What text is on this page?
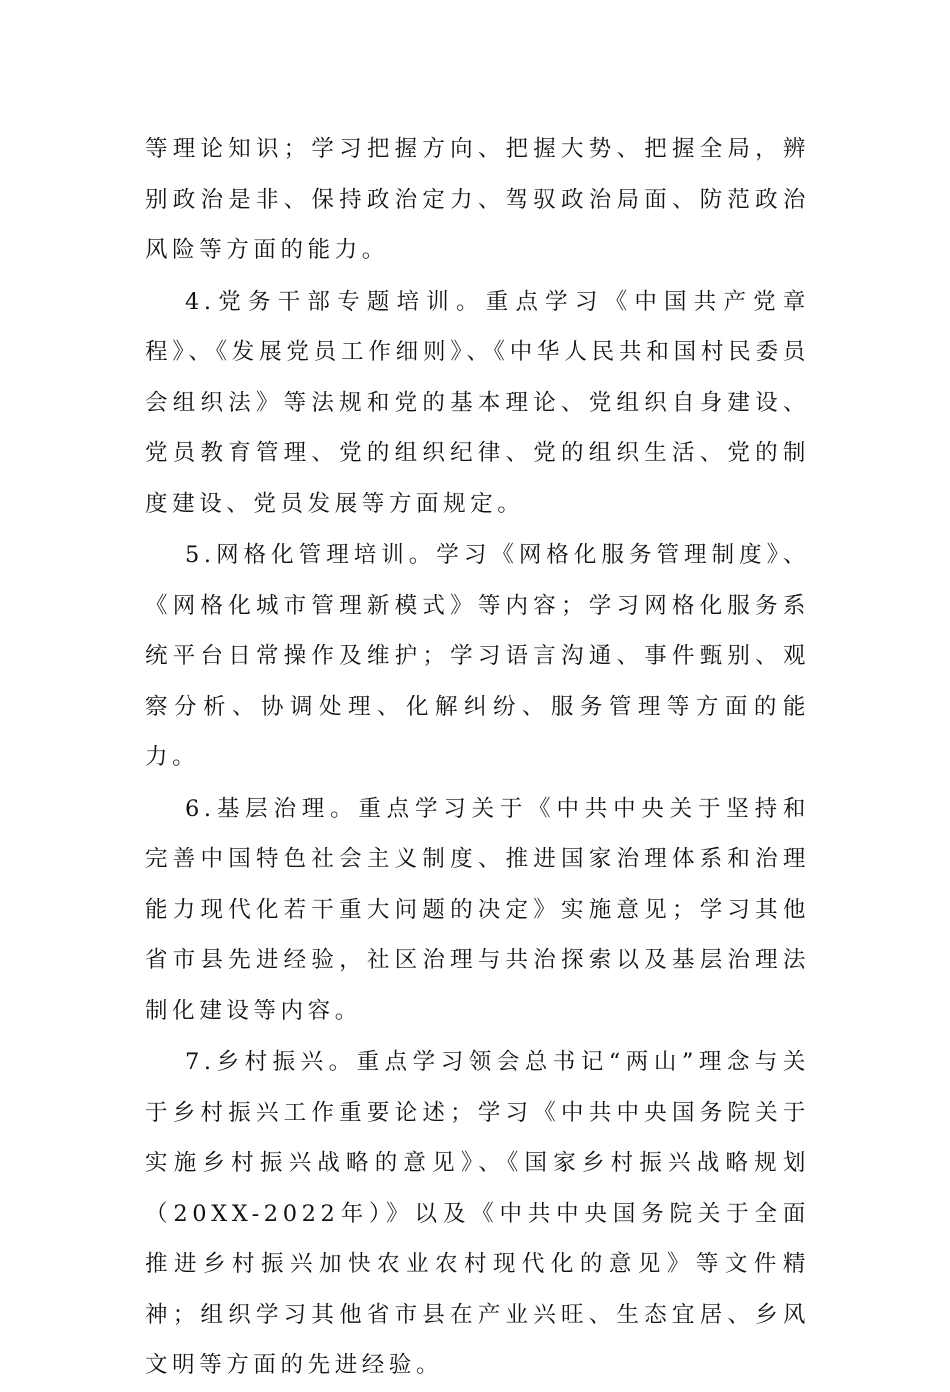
等理论知识；学习把握方向、把握大势、把握全局，辨别政治是非、保持政治定力、驾驭政治局面、防范政治风险等方面的能力。

4.党务干部专题培训。重点学习《中国共产党章程》、《发展党员工作细则》、《中华人民共和国村民委员会组织法》等法规和党的基本理论、党组织自身建设、党员教育管理、党的组织纪律、党的组织生活、党的制度建设、党员发展等方面规定。

5.网格化管理培训。学习《网格化服务管理制度》、《网格化城市管理新模式》等内容；学习网格化服务系统平台日常操作及维护；学习语言沟通、事件甄别、观察分析、协调处理、化解纠纷、服务管理等方面的能力。

6.基层治理。重点学习关于《中共中央关于坚持和完善中国特色社会主义制度、推进国家治理体系和治理能力现代化若干重大问题的决定》实施意见；学习其他省市县先进经验，社区治理与共治探索以及基层治理法制化建设等内容。

7.乡村振兴。重点学习领会总书记“两山”理念与关于乡村振兴工作重要论述；学习《中共中央国务院关于实施乡村振兴战略的意见》、《国家乡村振兴战略规划（20XX-2022年）》以及《中共中央国务院关于全面推进乡村振兴加快农业农村现代化的意见》等文件精神；组织学习其他省市县在产业兴旺、生态宜居、乡风文明等方面的先进经验。
